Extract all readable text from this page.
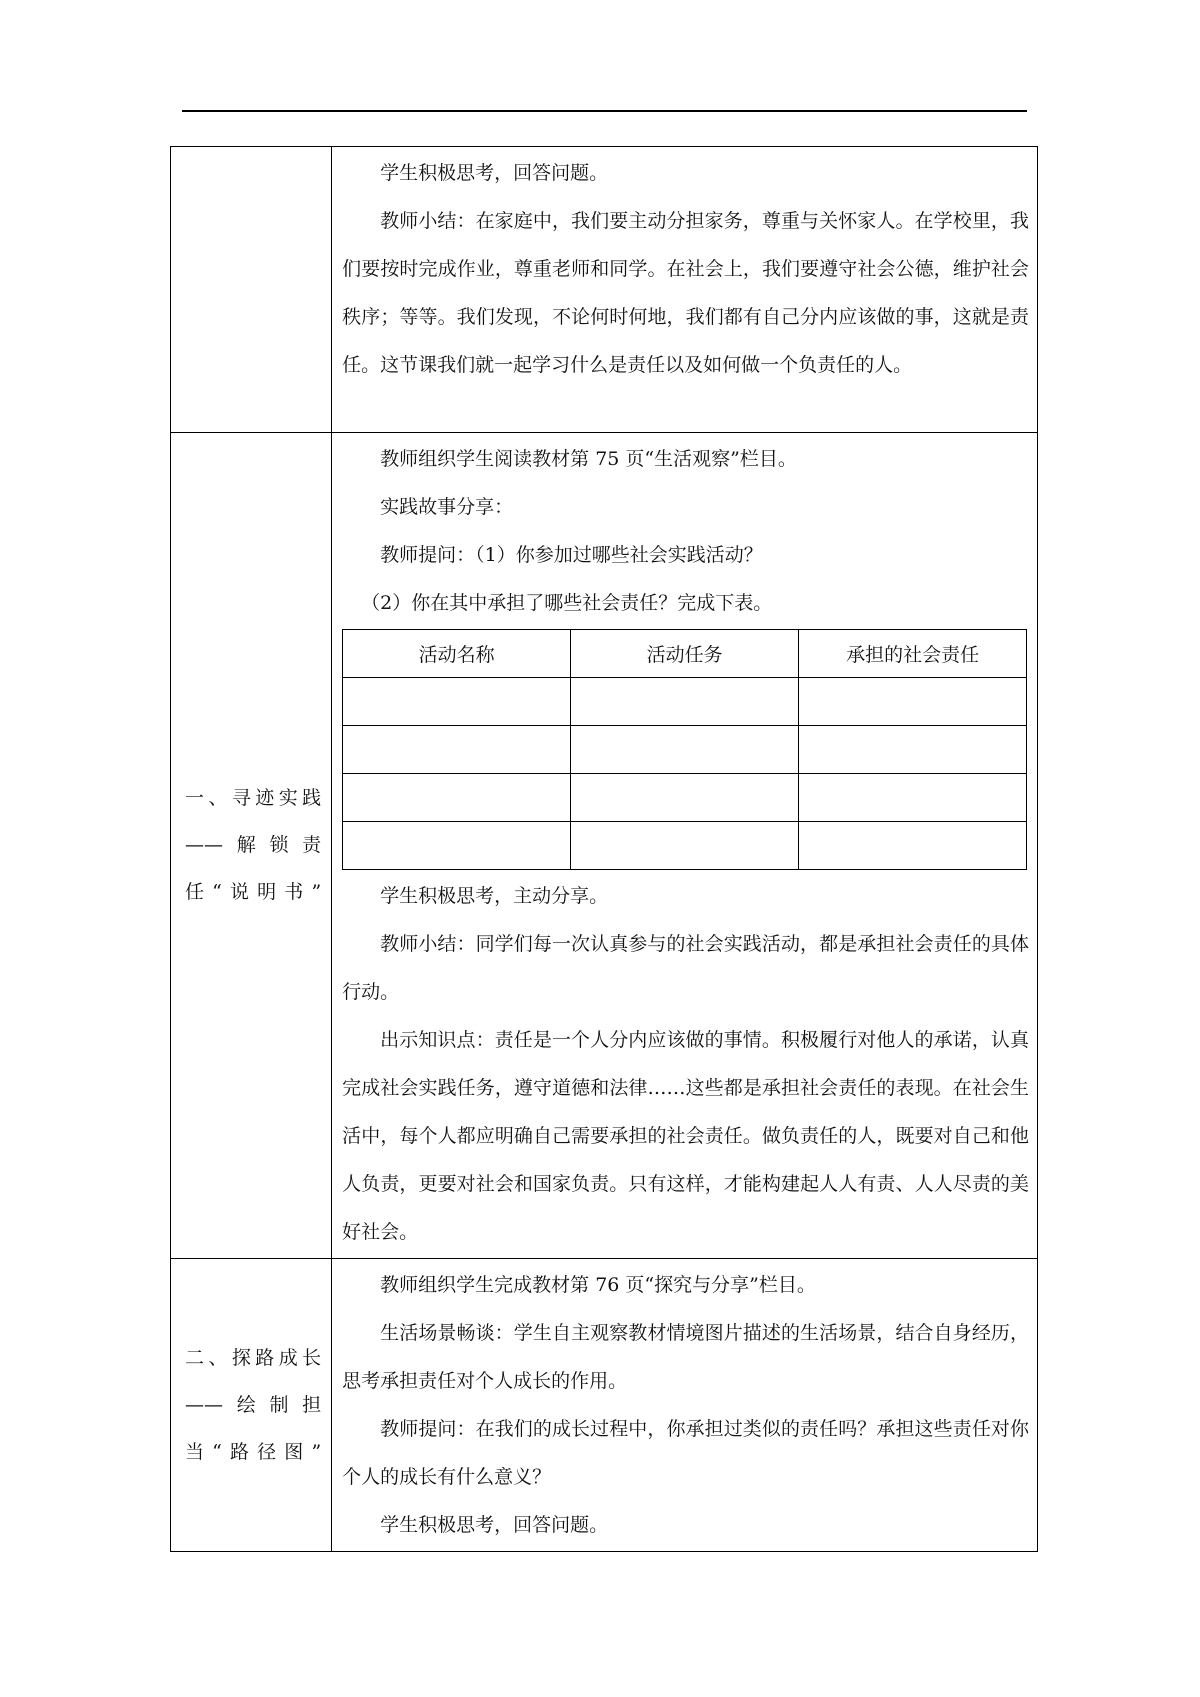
学生积极思考，回答问题。

教师小结：在家庭中，我们要主动分担家务，尊重与关怀家人。在学校里，我们要按时完成作业，尊重老师和同学。在社会上，我们要遵守社会公德，维护社会秩序；等等。我们发现，不论何时何地，我们都有自己分内应该做的事，这就是责任。这节课我们就一起学习什么是责任以及如何做一个负责任的人。

一、寻迹实践——解锁责任“说明书”

教师组织学生阅读教材第 75 页“生活观察”栏目。

实践故事分享：

教师提问：（1）你参加过哪些社会实践活动？

（2）你在其中承担了哪些社会责任？完成下表。

活动名称	活动任务	承担的社会责任

学生积极思考，主动分享。

教师小结：同学们每一次认真参与的社会实践活动，都是承担社会责任的具体行动。

出示知识点：责任是一个人分内应该做的事情。积极履行对他人的承诺，认真完成社会实践任务，遵守道德和法律……这些都是承担社会责任的表现。在社会生活中，每个人都应明确自己需要承担的社会责任。做负责任的人，既要对自己和他人负责，更要对社会和国家负责。只有这样，才能构建起人人有责、人人尽责的美好社会。

二、探路成长——绘制担当“路径图”

教师组织学生完成教材第 76 页“探究与分享”栏目。

生活场景畅谈：学生自主观察教材情境图片描述的生活场景，结合自身经历，思考承担责任对个人成长的作用。

教师提问：在我们的成长过程中，你承担过类似的责任吗？承担这些责任对你个人的成长有什么意义？

学生积极思考，回答问题。
